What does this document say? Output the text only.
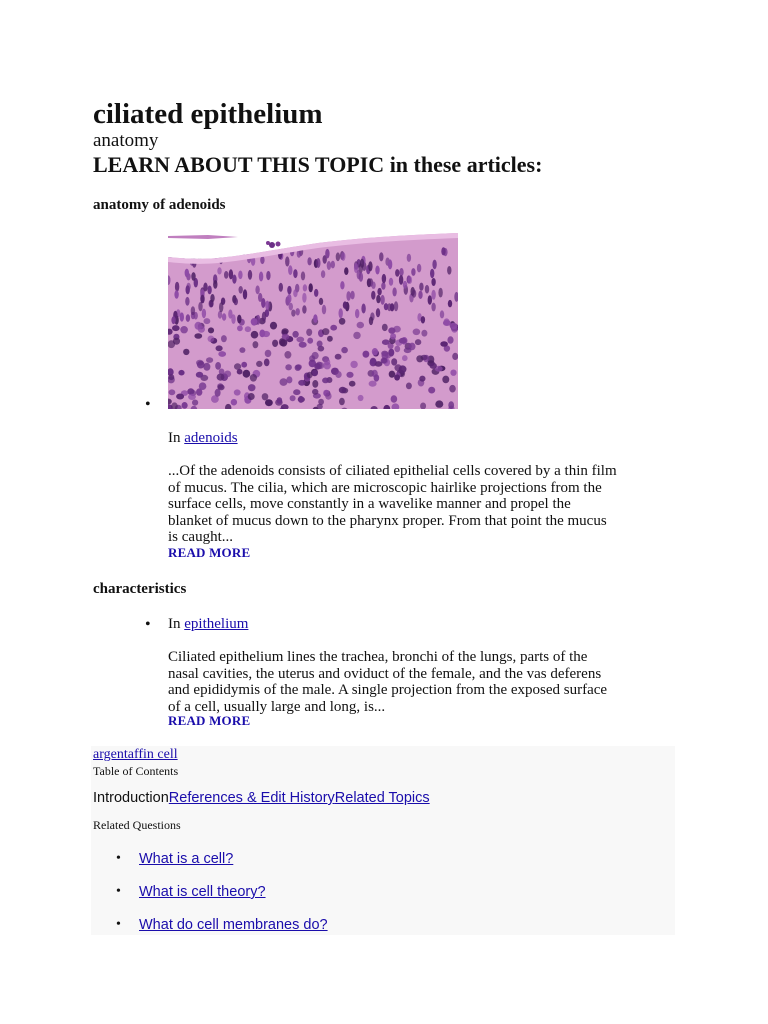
ciliated epithelium
anatomy
LEARN ABOUT THIS TOPIC in these articles:
anatomy of adenoids
•
In adenoids
...Of the adenoids consists of ciliated epithelial cells covered by a thin film
of mucus. The cilia, which are microscopic hairlike projections from the
surface cells, move constantly in a wavelike manner and propel the
blanket of mucus down to the pharynx proper. From that point the mucus
is caught...
READ MORE
characteristics
• In epithelium
Ciliated epithelium lines the trachea, bronchi of the lungs, parts of the
nasal cavities, the uterus and oviduct of the female, and the vas deferens
and epididymis of the male. A single projection from the exposed surface
of a cell, usually large and long, is...
READ MORE
argentaffin cell
Table of Contents
IntroductionReferences & Edit HistoryRelated Topics
Related Questions
• What is a cell?
• What is cell theory?
• What do cell membranes do?
